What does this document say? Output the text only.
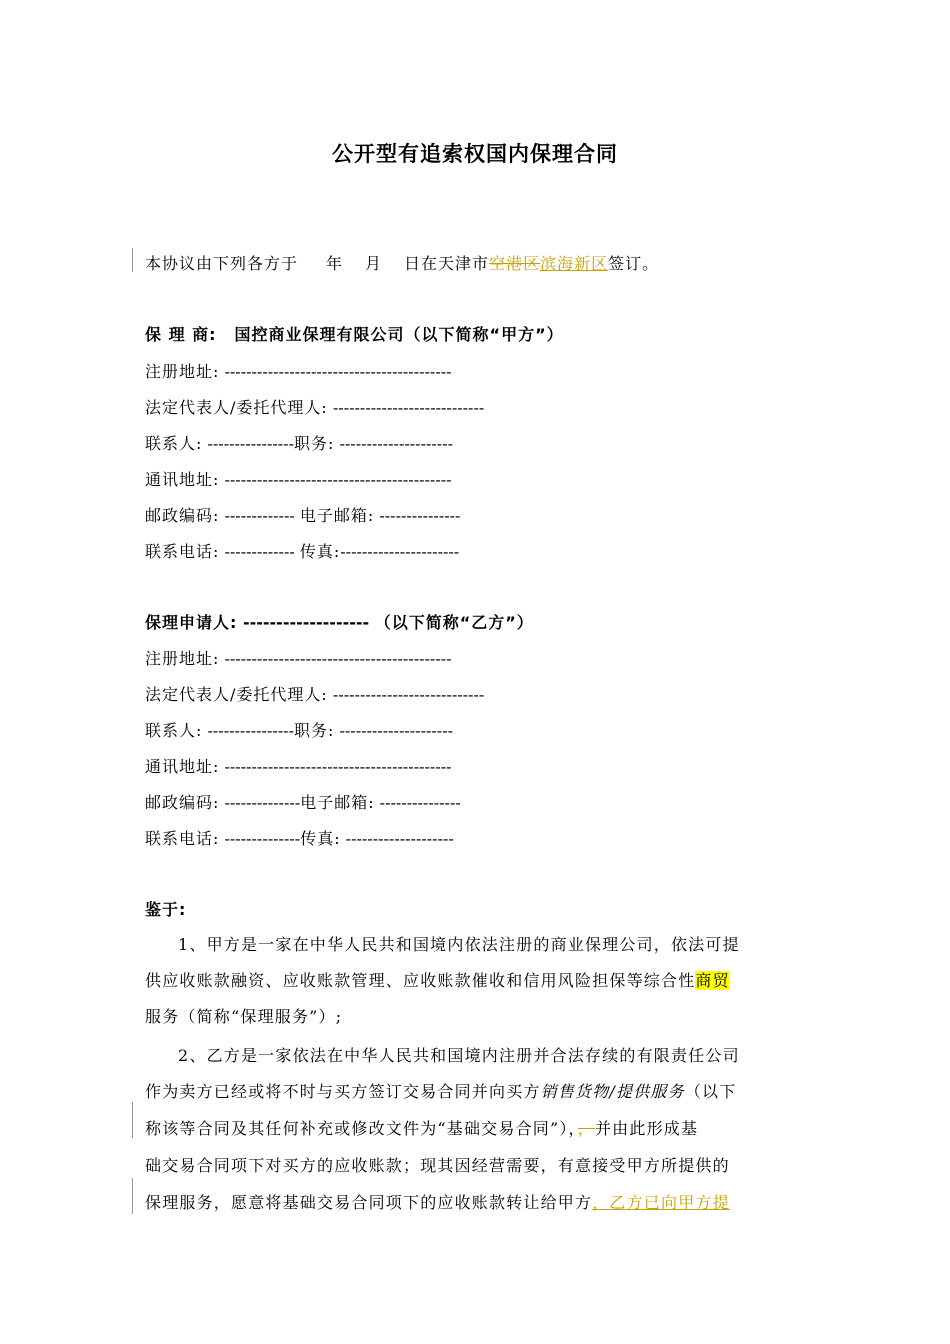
公开型有追索权国内保理合同
本协议由下列各方于 年 月 日在天津市空港区滨海新区签订。
保 理 商: 国控商业保理有限公司（以下简称“甲方”）
注册地址: ------------------------------------------
法定代表人/委托代理人: ----------------------------
联系人: ----------------职务: ---------------------
通讯地址: ------------------------------------------
邮政编码: ------------- 电子邮箱: ---------------
联系电话: ------------- 传真:----------------------
保理申请人: ------------------- （以下简称“乙方”）
注册地址: ------------------------------------------
法定代表人/委托代理人: ----------------------------
联系人: ----------------职务: ---------------------
通讯地址: ------------------------------------------
邮政编码: --------------电子邮箱: ---------------
联系电话: --------------传真: --------------------
鉴于:
1、甲方是一家在中华人民共和国境内依法注册的商业保理公司，依法可提
供应收账款融资、应收账款管理、应收账款催收和信用风险担保等综合性商贸
服务（简称“保理服务”）;
2、乙方是一家依法在中华人民共和国境内注册并合法存续的有限责任公司
作为卖方已经或将不时与买方签订交易合同并向买方销售货物/提供服务（以下
称该等合同及其任何补充或修改文件为“基础交易合同”），，并由此形成基
础交易合同项下对买方的应收账款；现其因经营需要，有意接受甲方所提供的
保理服务，愿意将基础交易合同项下的应收账款转让给甲方，乙方已向甲方提
